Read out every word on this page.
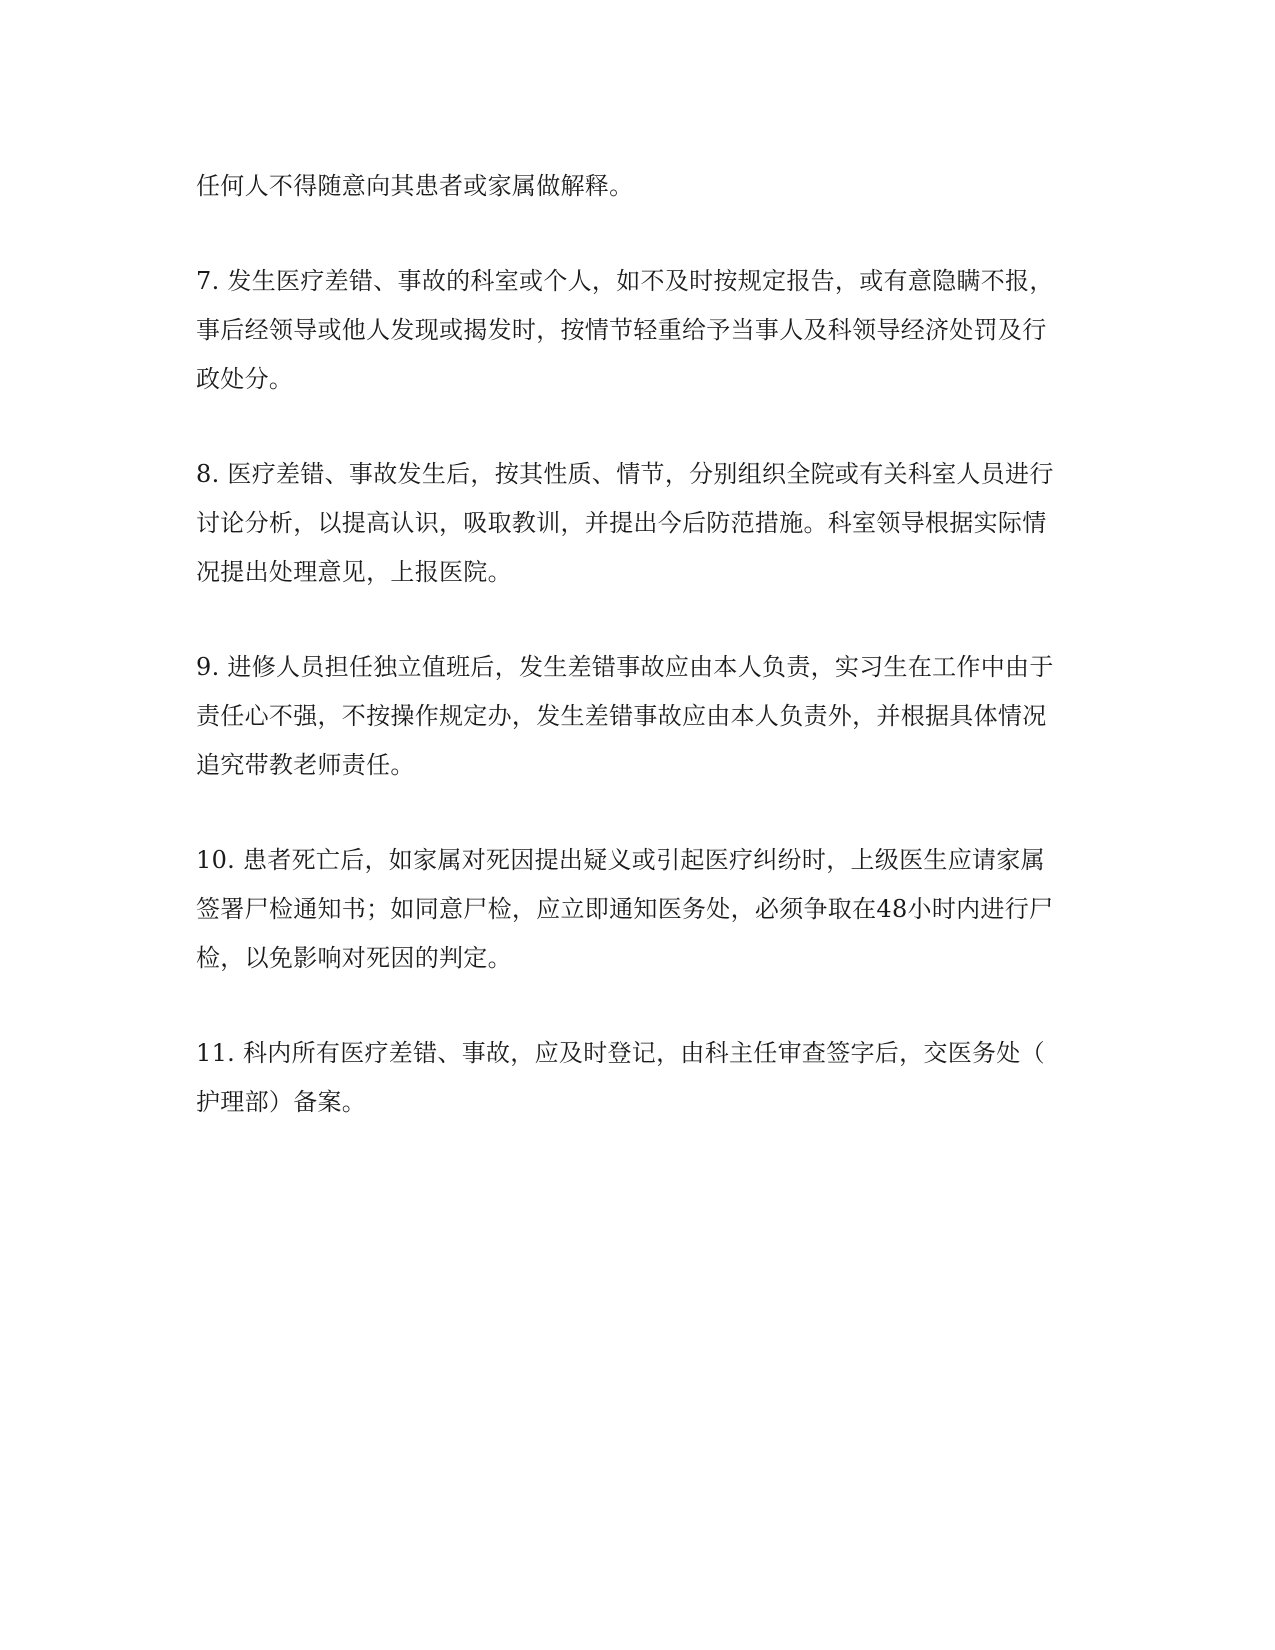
任何人不得随意向其患者或家属做解释。

7. 发生医疗差错、事故的科室或个人，如不及时按规定报告，或有意隐瞒不报，
事后经领导或他人发现或揭发时，按情节轻重给予当事人及科领导经济处罚及行
政处分。

8. 医疗差错、事故发生后，按其性质、情节，分别组织全院或有关科室人员进行
讨论分析，以提高认识，吸取教训，并提出今后防范措施。科室领导根据实际情
况提出处理意见，上报医院。

9. 进修人员担任独立值班后，发生差错事故应由本人负责，实习生在工作中由于
责任心不强，不按操作规定办，发生差错事故应由本人负责外，并根据具体情况
追究带教老师责任。

10. 患者死亡后，如家属对死因提出疑义或引起医疗纠纷时，上级医生应请家属
签署尸检通知书；如同意尸检，应立即通知医务处，必须争取在48小时内进行尸
检，以免影响对死因的判定。

11. 科内所有医疗差错、事故，应及时登记，由科主任审查签字后，交医务处（
护理部）备案。
